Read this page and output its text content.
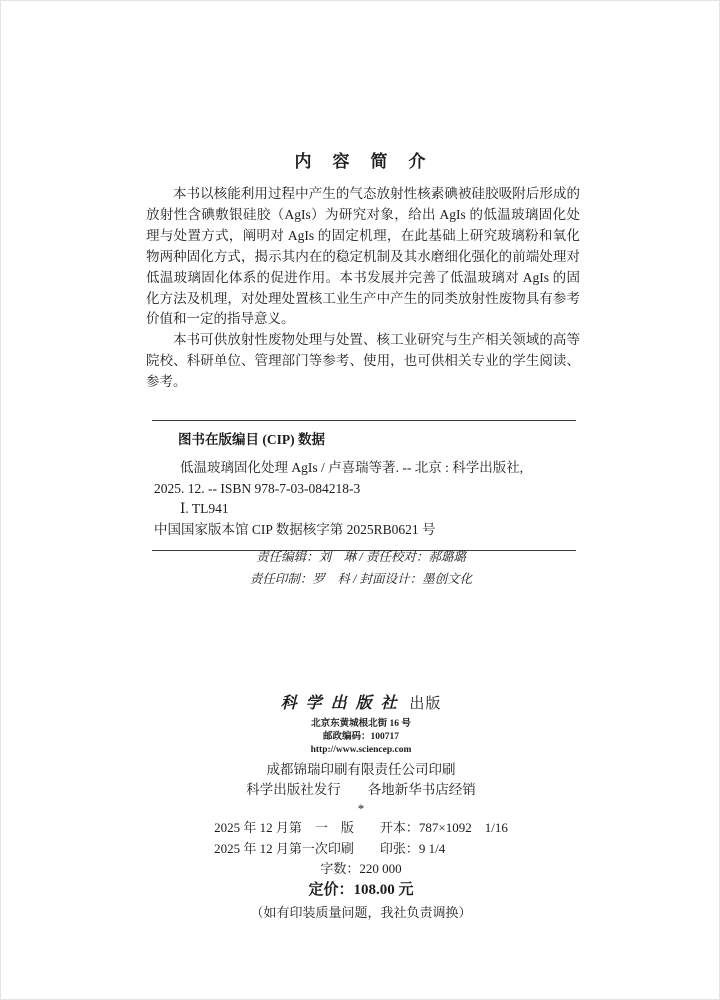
内　容　简　介

本书以核能利用过程中产生的气态放射性核素碘被硅胶吸附后形成的放射性含碘敷银硅胶（AgIs）为研究对象，给出 AgIs 的低温玻璃固化处理与处置方式，阐明对 AgIs 的固定机理，在此基础上研究玻璃粉和氧化物两种固化方式，揭示其内在的稳定机制及其水磨细化强化的前端处理对低温玻璃固化体系的促进作用。本书发展并完善了低温玻璃对 AgIs 的固化方法及机理，对处理处置核工业生产中产生的同类放射性废物具有参考价值和一定的指导意义。

本书可供放射性废物处理与处置、核工业研究与生产相关领域的高等院校、科研单位、管理部门等参考、使用，也可供相关专业的学生阅读、参考。

图书在版编目 (CIP) 数据

低温玻璃固化处理 AgIs / 卢喜瑞等著. -- 北京 : 科学出版社,

2025. 12. -- ISBN 978-7-03-084218-3

Ⅰ. TL941

中国国家版本馆 CIP 数据核字第 2025RB0621 号

责任编辑：刘　琳 / 责任校对：郝璐璐

责任印制：罗　科 / 封面设计：墨创文化

科学出版社 出版

北京东黄城根北街 16 号

邮政编码：100717

http://www.sciencep.com

成都锦瑞印刷有限责任公司印刷

科学出版社发行　　各地新华书店经销

*

2025 年 12 月第　一　版　　开本：787×1092　1/16

2025 年 12 月第一次印刷　　印张：9 1/4

字数：220 000

定价：108.00 元

（如有印装质量问题，我社负责调换）
